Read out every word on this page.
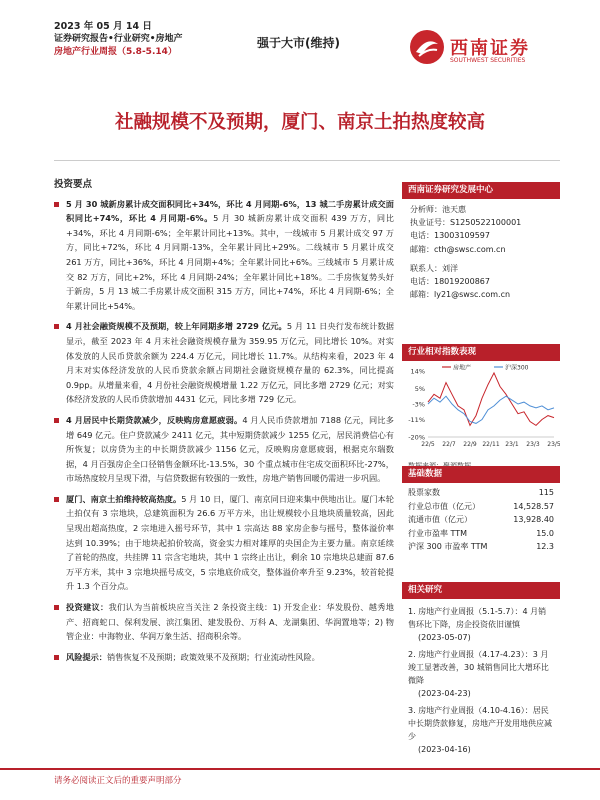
2023 年 05 月 14 日
证券研究报告•行业研究•房地产
房地产行业周报（5.8-5.14）
强于大市(维持)	西南证券
SOUTHWEST SECURITIES
社融规模不及预期，厦门、南京土拍热度较高
投资要点
5 月 30 城新房累计成交面积同比+34%，环比 4 月同期-6%，13 城二手房累计成交面积同比+74%，环比 4 月同期-6%。5 月 30 城新房累计成交面积 439 万方，同比+34%，环比 4 月同期-6%；全年累计同比+13%。其中，一线城市 5 月累计成交 97 万方，同比+72%，环比 4 月同期-13%，全年累计同比+29%。二线城市 5 月累计成交 261 万方，同比+36%，环比 4 月同期+4%；全年累计同比+6%。三线城市 5 月累计成交 82 万方，同比+2%，环比 4 月同期-24%；全年累计同比+18%。二手房恢复势头好于新房，5 月 13 城二手房累计成交面积 315 万方，同比+74%，环比 4 月同期-6%；全年累计同比+54%。
4 月社会融资规模不及预期，较上年同期多增 2729 亿元。5 月 11 日央行发布统计数据显示，截至 2023 年 4 月末社会融资规模存量为 359.95 万亿元，同比增长 10%。对实体发放的人民币贷款余额为 224.4 万亿元，同比增长 11.7%。从结构来看，2023 年 4 月末对实体经济发放的人民币贷款余额占同期社会融资规模存量的 62.3%，同比提高 0.9pp。从增量来看，4 月份社会融资规模增量 1.22 万亿元，同比多增 2729 亿元；对实体经济发放的人民币贷款增加 4431 亿元，同比多增 729 亿元。
4 月居民中长期贷款减少，反映购房意愿疲弱。4 月人民币贷款增加 7188 亿元，同比多增 649 亿元。住户贷款减少 2411 亿元，其中短期贷款减少 1255 亿元，居民消费信心有所恢复；以房贷为主的中长期贷款减少 1156 亿元，反映购房意愿疲弱，根据克尔瑞数据，4 月百强房企全口径销售金额环比-13.5%，30 个重点城市住宅成交面积环比-27%，市场热度较月呈现下滑，与信贷数据有较强的一致性，房地产销售回暖仍需进一步巩固。
厦门、南京土拍维持较高热度。5 月 10 日，厦门、南京同日迎来集中供地出让。厦门本轮土拍仅有 3 宗地块，总建筑面积为 26.6 万平方米，出让规模较小且地块质量较高，因此呈现出超高热度，2 宗地进入摇号环节，其中 1 宗高达 88 家房企参与摇号，整体溢价率达到 10.39%；由于地块起拍价较高，资金实力相对雄厚的央国企为主要力量。南京延续了首轮的热度，共挂牌 11 宗含宅地块，其中 1 宗终止出让，剩余 10 宗地块总建面 87.6 万平方米，其中 3 宗地块摇号成交，5 宗地底价成交，整体溢价率升至 9.23%，较首轮提升 1.3 个百分点。
投资建议：我们认为当前板块应当关注 2 条投资主线：1) 开发企业：华发股份、越秀地产、招商蛇口、保利发展、滨江集团、建发股份、万科 A、龙湖集团、华润置地等；2) 物管企业：中海物业、华润万象生活、招商积余等。
风险提示：销售恢复不及预期；政策效果不及预期；行业流动性风险。
西南证券研究发展中心
分析师：池天惠
执业证号：S1250522100001
电话：13003109597
邮箱：cth@swsc.com.cn
联系人：刘洋
电话：18019200867
邮箱：ly21@swsc.com.cn
行业相对指数表现
14%
5%
-3%
-11%
-20%
22/5 22/7 22/9 22/11 23/1 23/3 23/5
房地产	沪深300
基础数据
股票家数	115
行业总市值（亿元）	14,528.57
流通市值（亿元）	13,928.40
行业市盈率 TTM	15.0
沪深 300 市盈率 TTM	12.3
相关研究
1. 房地产行业周报（5.1-5.7）：4 月销售环比下降，房企投资依旧谨慎
(2023-05-07)
2. 房地产行业周报（4.17-4.23）：3 月竣工显著改善，30 城销售同比大增环比微降
(2023-04-23)
3. 房地产行业周报（4.10-4.16）：居民中长期贷款修复，房地产开发用地供应减少
(2023-04-16)
请务必阅读正文后的重要声明部分
